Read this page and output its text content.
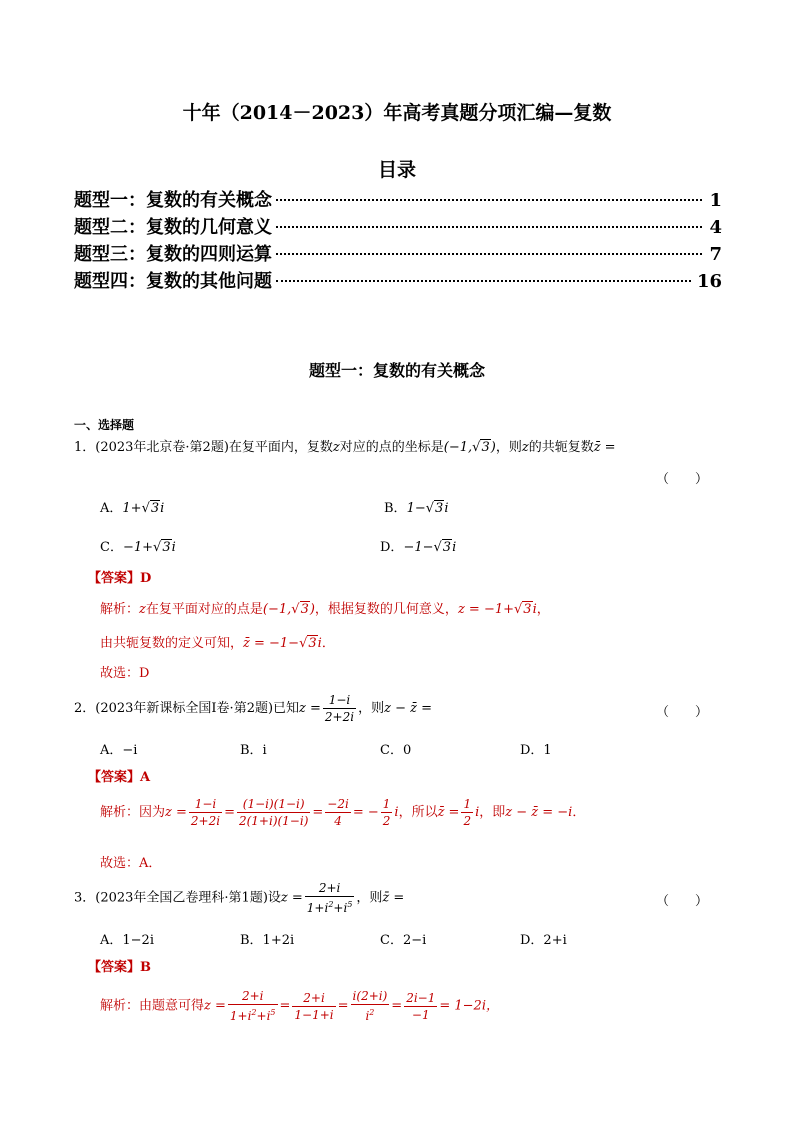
十年（2014－2023）年高考真题分项汇编—复数
目录
题型一：复数的有关概念	1
题型二：复数的几何意义	4
题型三：复数的四则运算	7
题型四：复数的其他问题	16
题型一：复数的有关概念
一、选择题
1．(2023年北京卷·第2题)在复平面内，复数z对应的点的坐标是(−1,√3)，则z的共轭复数z̄ =
（　　）
A．1+√3i	B．1−√3i
C．−1+√3i	D．−1−√3i
【答案】D
解析：z在复平面对应的点是(−1,√3)，根据复数的几何意义，z = −1+√3i，
由共轭复数的定义可知，z̄ = −1−√3i．
故选：D
2．(2023年新课标全国Ⅰ卷·第2题)已知$z = \frac{1-i}{2+2i}$ ，则z − z̄ =	（　　）
A．−i	B．i	C．0	D．1
【答案】A
解析：因为$z = \frac{1-i}{2+2i} = \frac{(1-i)(1-i)}{2(1+i)(1-i)} = \frac{-2i}{4}$ = − $\frac{1}{2}$ i，所以z̄ = $\frac{1}{2}$ i，即z − z̄ = −i．
故选：A．
3．(2023年全国乙卷理科·第1题)设$z = \frac{2+i}{1+i^2+i^5}$ ，则z̄ =	（　　）
A．1−2i	B．1+2i	C．2−i	D．2+i
【答案】B
解析：由题意可得$z = \frac{2+i}{1+i^2+i^5} = \frac{2+i}{1-1+i} = \frac{i(2+i)}{i^2} = \frac{2i-1}{-1} = 1-2i$，
